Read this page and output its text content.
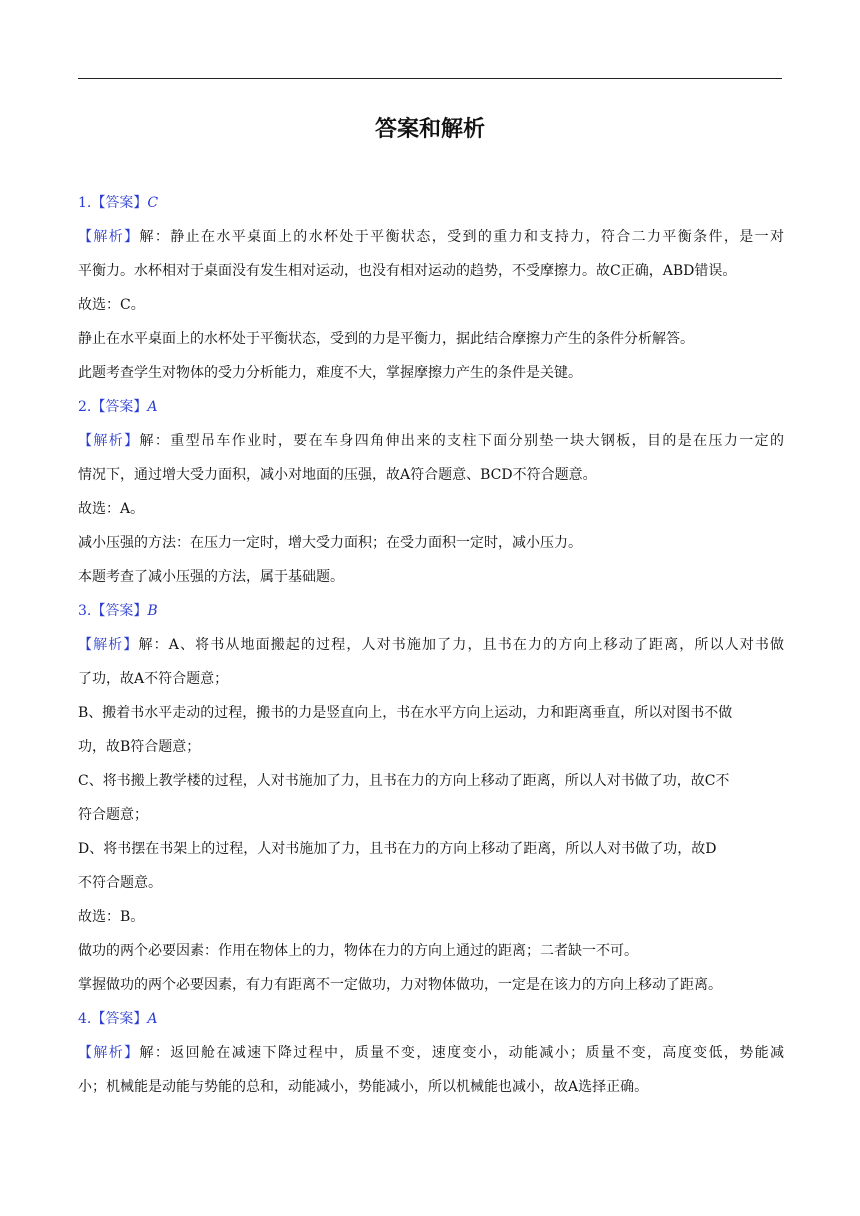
答案和解析

1.【答案】C

【解析】解：静止在水平桌面上的水杯处于平衡状态，受到的重力和支持力，符合二力平衡条件，是一对

平衡力。水杯相对于桌面没有发生相对运动，也没有相对运动的趋势，不受摩擦力。故C正确，ABD错误。

故选：C。

静止在水平桌面上的水杯处于平衡状态，受到的力是平衡力，据此结合摩擦力产生的条件分析解答。

此题考查学生对物体的受力分析能力，难度不大，掌握摩擦力产生的条件是关键。

2.【答案】A

【解析】解：重型吊车作业时，要在车身四角伸出来的支柱下面分别垫一块大钢板，目的是在压力一定的

情况下，通过增大受力面积，减小对地面的压强，故A符合题意、BCD不符合题意。

故选：A。

减小压强的方法：在压力一定时，增大受力面积；在受力面积一定时，减小压力。

本题考查了减小压强的方法，属于基础题。

3.【答案】B

【解析】解：A、将书从地面搬起的过程，人对书施加了力，且书在力的方向上移动了距离，所以人对书做

了功，故A不符合题意；

B、搬着书水平走动的过程，搬书的力是竖直向上，书在水平方向上运动，力和距离垂直，所以对图书不做

功，故B符合题意；

C、将书搬上教学楼的过程，人对书施加了力，且书在力的方向上移动了距离，所以人对书做了功，故C不

符合题意；

D、将书摆在书架上的过程，人对书施加了力，且书在力的方向上移动了距离，所以人对书做了功，故D

不符合题意。

故选：B。

做功的两个必要因素：作用在物体上的力，物体在力的方向上通过的距离；二者缺一不可。

掌握做功的两个必要因素，有力有距离不一定做功，力对物体做功，一定是在该力的方向上移动了距离。

4.【答案】A

【解析】解：返回舱在减速下降过程中，质量不变，速度变小，动能减小；质量不变，高度变低，势能减

小；机械能是动能与势能的总和，动能减小，势能减小，所以机械能也减小，故A选择正确。
